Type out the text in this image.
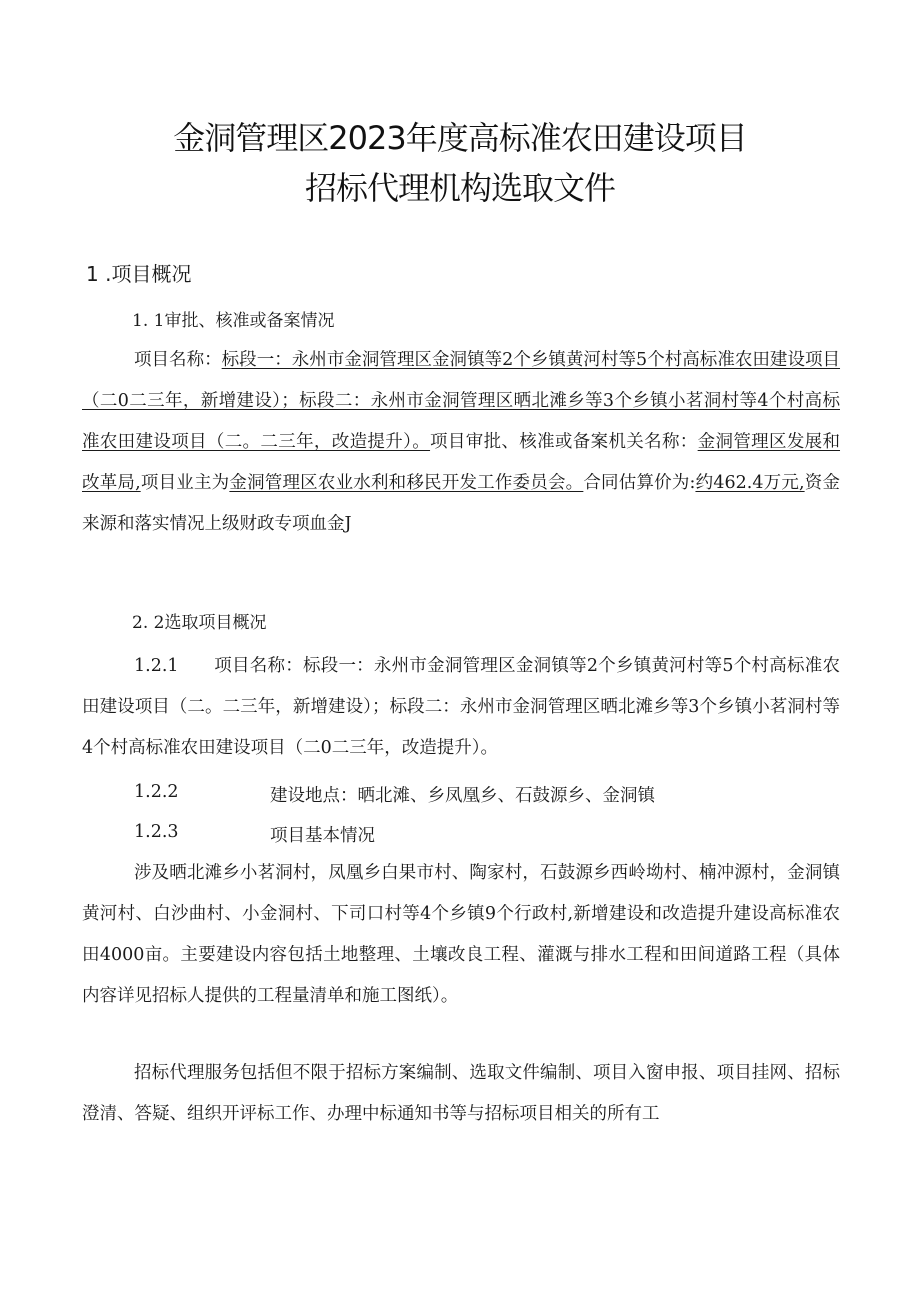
金洞管理区2023年度高标准农田建设项目
招标代理机构选取文件
1 .项目概况
1. 1审批、核准或备案情况

项目名称：标段一：永州市金洞管理区金洞镇等2个乡镇黄河村等5个村高标准农田建设项目（二0二三年，新增建设）；标段二：永州市金洞管理区晒北滩乡等3个乡镇小茗洞村等4个村高标准农田建设项目（二。二三年，改造提升）。项目审批、核准或备案机关名称：金洞管理区发展和改革局,项目业主为金洞管理区农业水利和移民开发工作委员会。合同估算价为:约462.4万元,资金来源和落实情况上级财政专项血金J

2. 2选取项目概况

1.2.1 项目名称：标段一：永州市金洞管理区金洞镇等2个乡镇黄河村等5个村高标准农田建设项目（二。二三年，新增建设）；标段二：永州市金洞管理区晒北滩乡等3个乡镇小茗洞村等4个村高标准农田建设项目（二0二三年，改造提升）。

1.2.2	建设地点：晒北滩、乡凤凰乡、石鼓源乡、金洞镇
1.2.3	项目基本情况

涉及晒北滩乡小茗洞村，凤凰乡白果市村、陶家村，石鼓源乡西岭坳村、楠冲源村，金洞镇黄河村、白沙曲村、小金洞村、下司口村等4个乡镇9个行政村,新增建设和改造提升建设高标准农田4000亩。主要建设内容包括土地整理、土壤改良工程、灌溉与排水工程和田间道路工程（具体内容详见招标人提供的工程量清单和施工图纸）。

招标代理服务包括但不限于招标方案编制、选取文件编制、项目入窗申报、项目挂网、招标澄清、答疑、组织开评标工作、办理中标通知书等与招标项目相关的所有工
